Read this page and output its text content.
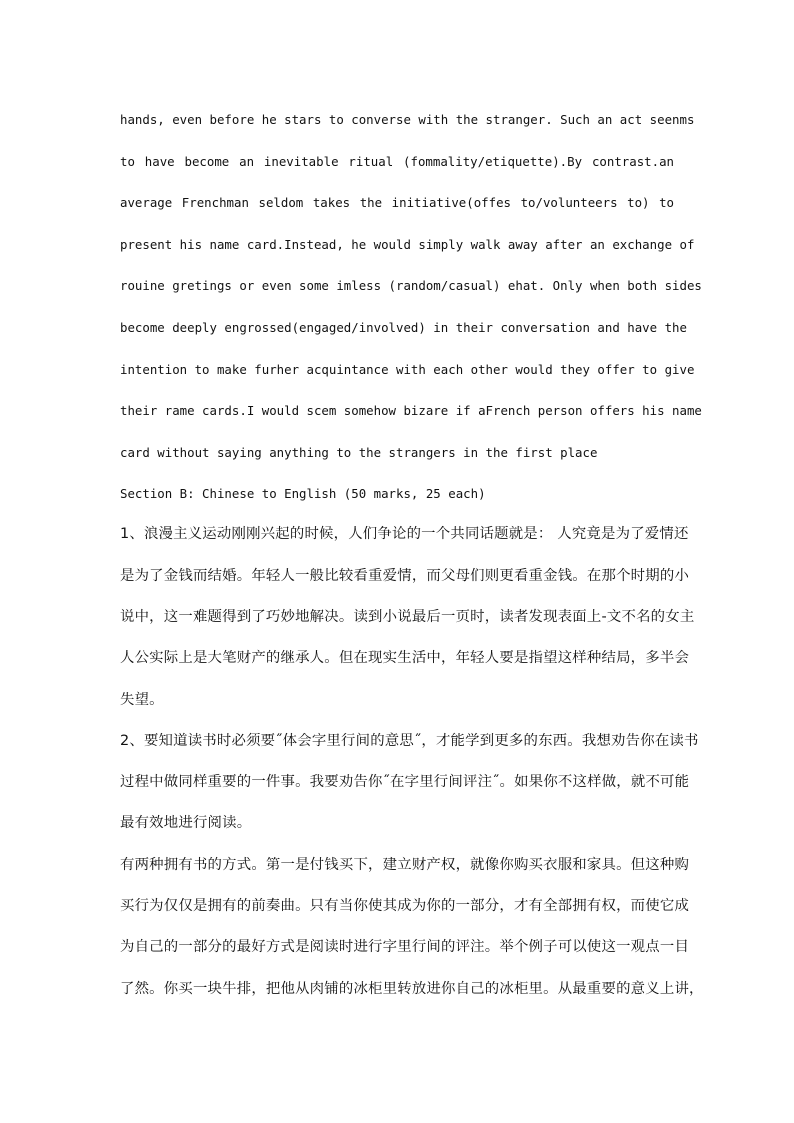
hands, even before he stars to converse with the stranger. Such an act seenms
to have become an inevitable ritual (fommality/etiquette).By contrast.an
average Frenchman seldom takes the initiative(offes to/volunteers to) to
present his name card.Instead, he would simply walk away after an exchange of
rouine gretings or even some imless (random/casual) ehat. Only when both sides
become deeply engrossed(engaged/involved) in their conversation and have the
intention to make furher acquintance with each other would they offer to give
their rame cards.I would scem somehow bizare if aFrench person offers his name
card without saying anything to the strangers in the first place
Section B: Chinese to English (50 marks, 25 each)
1、浪漫主义运动刚刚兴起的时候，人们争论的一个共同话题就是： 人究竟是为了爱情还
是为了金钱而结婚。年轻人一般比较看重爱情，而父母们则更看重金钱。在那个时期的小
说中，这一难题得到了巧妙地解决。读到小说最后一页时，读者发现表面上-文不名的女主
人公实际上是大笔财产的继承人。但在现实生活中，年轻人要是指望这样种结局，多半会
失望。
2、要知道读书时必须要˝体会字里行间的意思˝，才能学到更多的东西。我想劝告你在读书
过程中做同样重要的一件事。我要劝告你˝在字里行间评注˝。如果你不这样做，就不可能
最有效地进行阅读。
有两种拥有书的方式。第一是付钱买下，建立财产权，就像你购买衣服和家具。但这种购
买行为仅仅是拥有的前奏曲。只有当你使其成为你的一部分，才有全部拥有权，而使它成
为自己的一部分的最好方式是阅读时进行字里行间的评注。举个例子可以使这一观点一目
了然。你买一块牛排，把他从肉铺的冰柜里转放进你自己的冰柜里。从最重要的意义上讲，
